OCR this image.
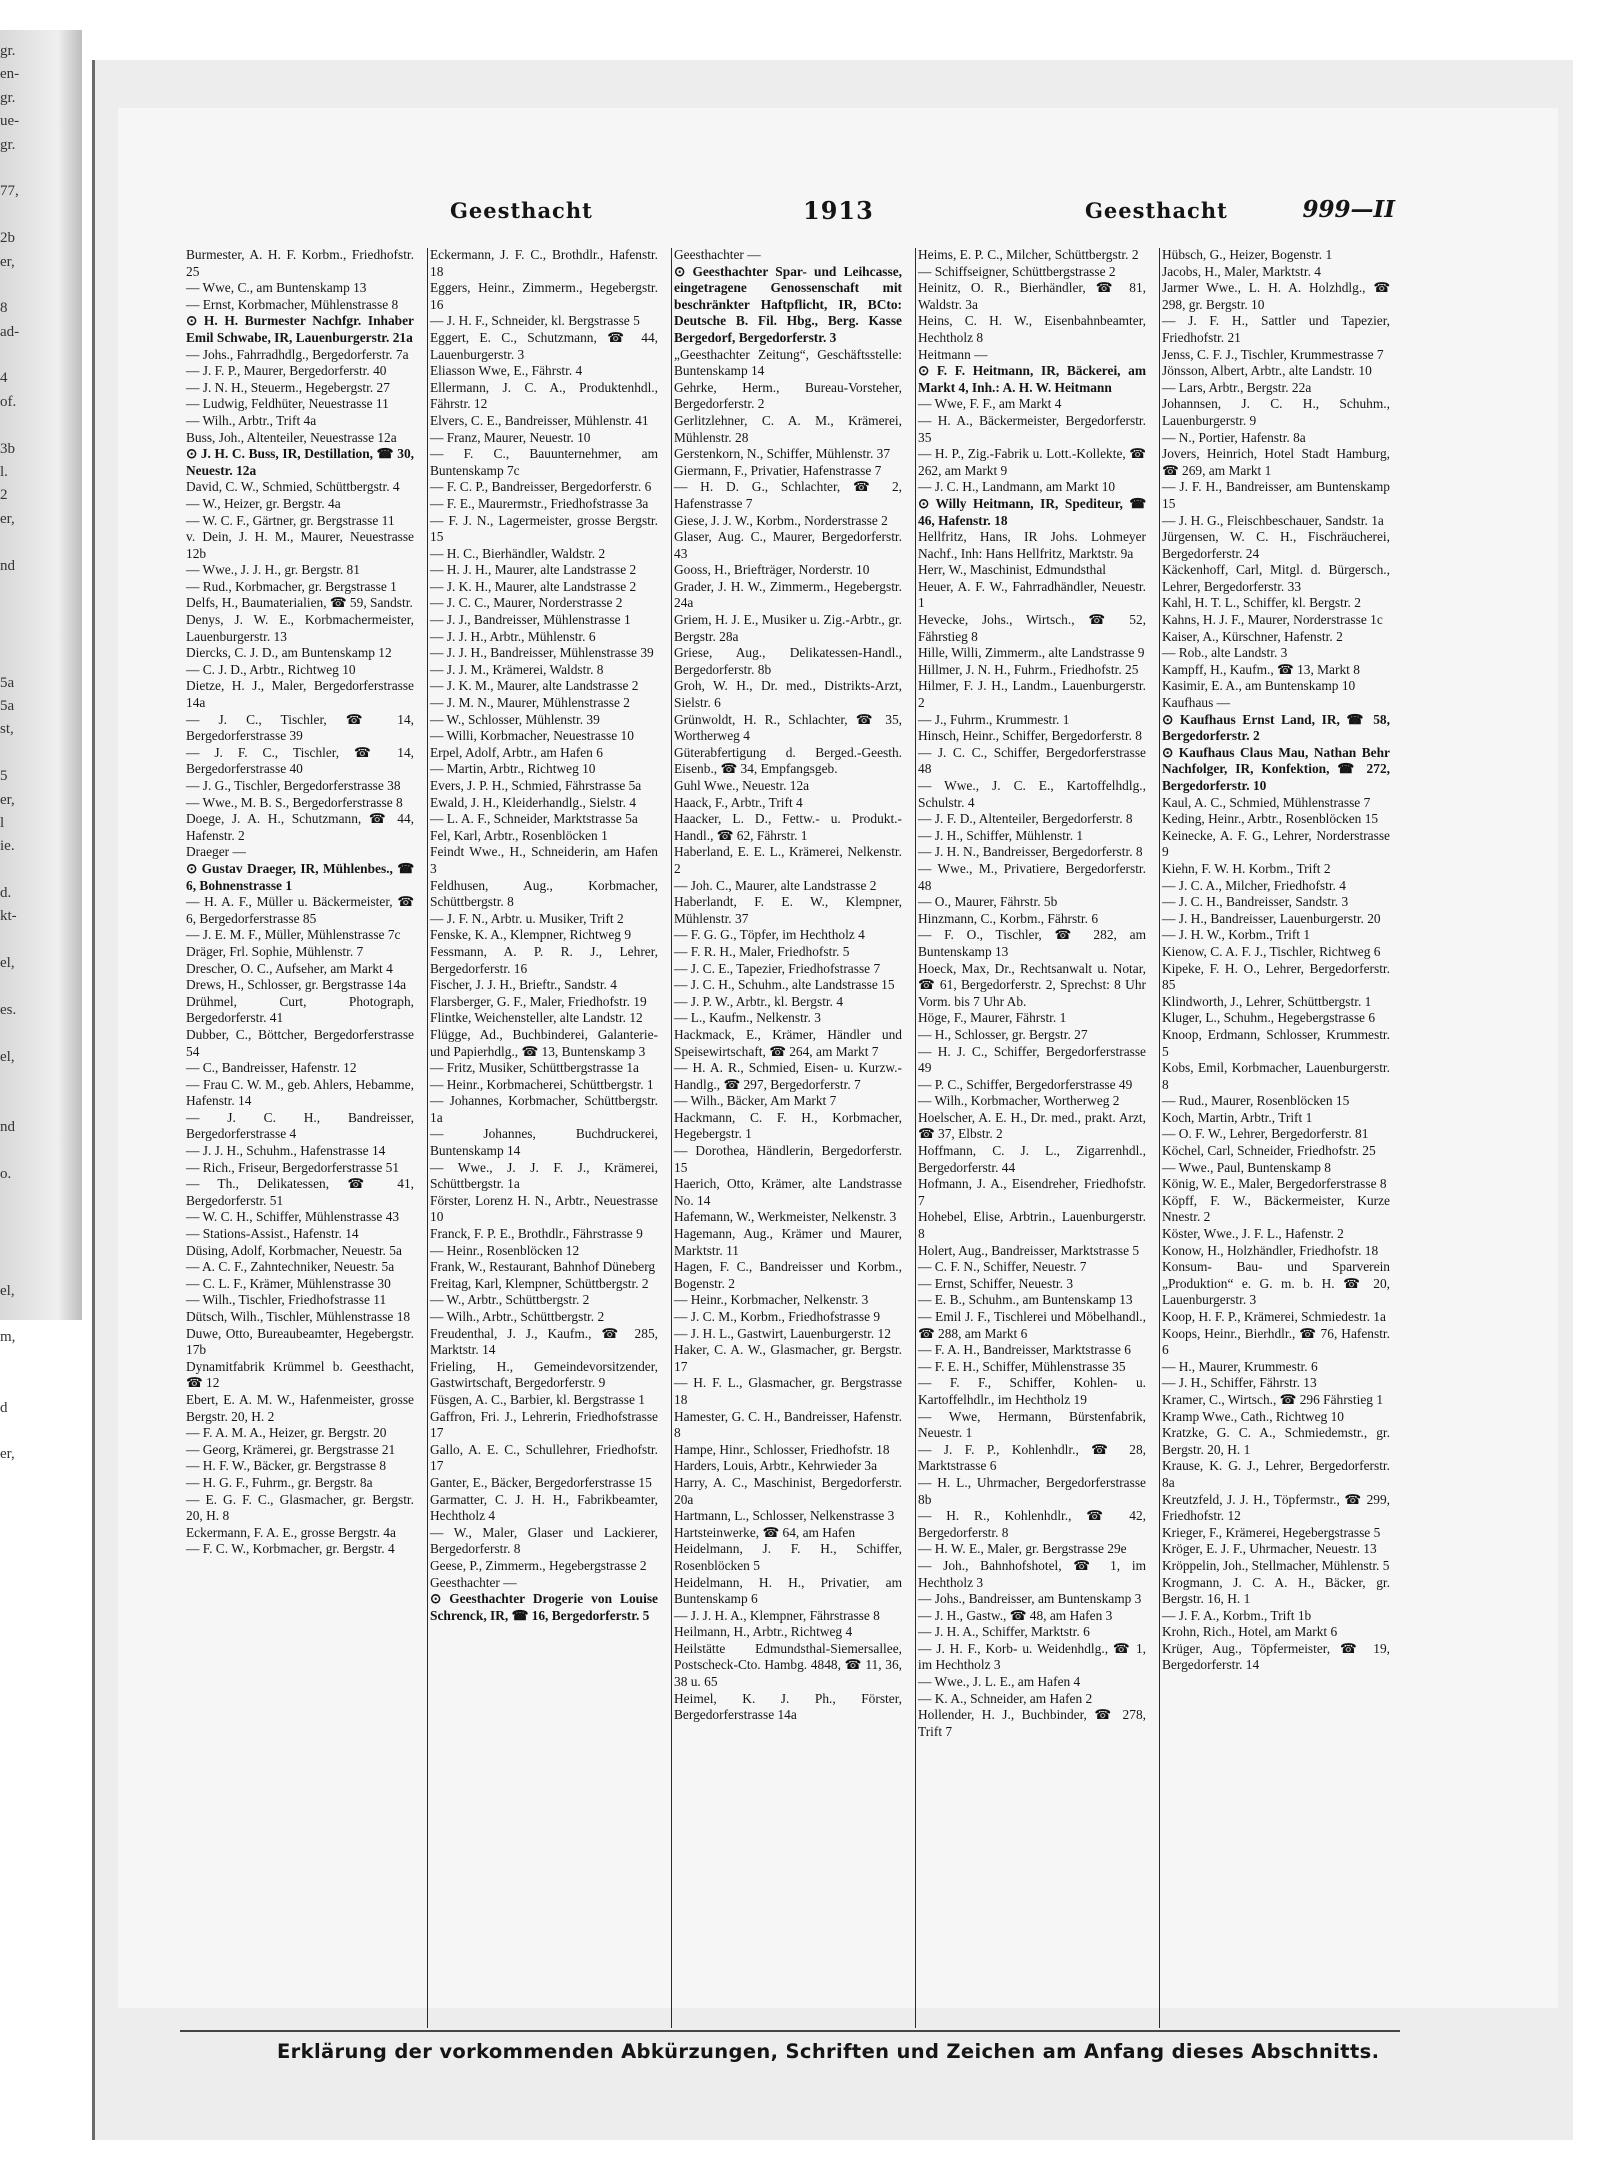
gr.
en-
gr.
ue-
gr.
77,
2b
er,
8
ad-
4
of.
3b
l.
2
er,
nd
5a
5a
st,
5
er,
l
ie.
d.
kt-
el,
es.
el,
nd
o.
el,
m,
d
er,
Geesthacht	1913	Geesthacht	999—II

Burmester, A. H. F. Korbm., Friedhofstr. 25

— Wwe, C., am Buntenskamp 13

— Ernst, Korbmacher, Mühlenstrasse 8

⊙ H. H. Burmester Nachfgr. Inhaber Emil Schwabe, IR, Lauenburgerstr. 21a

— Johs., Fahrradhdlg., Bergedorferstr. 7a

— J. F. P., Maurer, Bergedorferstr. 40

— J. N. H., Steuerm., Hegebergstr. 27

— Ludwig, Feldhüter, Neuestrasse 11

— Wilh., Arbtr., Trift 4a

Buss, Joh., Altenteiler, Neuestrasse 12a

⊙ J. H. C. Buss, IR, Destillation, ☎ 30, Neuestr. 12a

David, C. W., Schmied, Schüttbergstr. 4

— W., Heizer, gr. Bergstr. 4a

— W. C. F., Gärtner, gr. Bergstrasse 11

v. Dein, J. H. M., Maurer, Neuestrasse 12b

— Wwe., J. J. H., gr. Bergstr. 81

— Rud., Korbmacher, gr. Bergstrasse 1

Delfs, H., Baumaterialien, ☎ 59, Sandstr.

Denys, J. W. E., Korbmachermeister, Lauenburgerstr. 13

Diercks, C. J. D., am Buntenskamp 12

— C. J. D., Arbtr., Richtweg 10

Dietze, H. J., Maler, Bergedorferstrasse 14a

— J. C., Tischler, ☎ 14, Bergedorferstrasse 39

— J. F. C., Tischler, ☎ 14, Bergedorferstrasse 40

— J. G., Tischler, Bergedorferstrasse 38

— Wwe., M. B. S., Bergedorferstrasse 8

Doege, J. A. H., Schutzmann, ☎ 44, Hafenstr. 2

Draeger —

⊙ Gustav Draeger, IR, Mühlenbes., ☎ 6, Bohnenstrasse 1

— H. A. F., Müller u. Bäckermeister, ☎ 6, Bergedorferstrasse 85

— J. E. M. F., Müller, Mühlenstrasse 7c

Dräger, Frl. Sophie, Mühlenstr. 7

Drescher, O. C., Aufseher, am Markt 4

Drews, H., Schlosser, gr. Bergstrasse 14a

Drühmel, Curt, Photograph, Bergedorferstr. 41

Dubber, C., Böttcher, Bergedorferstrasse 54

— C., Bandreisser, Hafenstr. 12

— Frau C. W. M., geb. Ahlers, Hebamme, Hafenstr. 14

— J. C. H., Bandreisser, Bergedorferstrasse 4

— J. J. H., Schuhm., Hafenstrasse 14

— Rich., Friseur, Bergedorferstrasse 51

— Th., Delikatessen, ☎ 41, Bergedorferstr. 51

— W. C. H., Schiffer, Mühlenstrasse 43

— Stations-Assist., Hafenstr. 14

Düsing, Adolf, Korbmacher, Neuestr. 5a

— A. C. F., Zahntechniker, Neuestr. 5a

— C. L. F., Krämer, Mühlenstrasse 30

— Wilh., Tischler, Friedhofstrasse 11

Dütsch, Wilh., Tischler, Mühlenstrasse 18

Duwe, Otto, Bureaubeamter, Hegebergstr. 17b

Dynamitfabrik Krümmel b. Geesthacht, ☎ 12

Ebert, E. A. M. W., Hafenmeister, grosse Bergstr. 20, H. 2

— F. A. M. A., Heizer, gr. Bergstr. 20

— Georg, Krämerei, gr. Bergstrasse 21

— H. F. W., Bäcker, gr. Bergstrasse 8

— H. G. F., Fuhrm., gr. Bergstr. 8a

— E. G. F. C., Glasmacher, gr. Bergstr. 20, H. 8

Eckermann, F. A. E., grosse Bergstr. 4a

— F. C. W., Korbmacher, gr. Bergstr. 4

Eckermann, J. F. C., Brothdlr., Hafenstr. 18

Eggers, Heinr., Zimmerm., Hegebergstr. 16

— J. H. F., Schneider, kl. Bergstrasse 5

Eggert, E. C., Schutzmann, ☎ 44, Lauenburgerstr. 3

Eliasson Wwe, E., Fährstr. 4

Ellermann, J. C. A., Produktenhdl., Fährstr. 12

Elvers, C. E., Bandreisser, Mühlenstr. 41

— Franz, Maurer, Neuestr. 10

— F. C., Bauunternehmer, am Buntenskamp 7c

— F. C. P., Bandreisser, Bergedorferstr. 6

— F. E., Maurermstr., Friedhofstrasse 3a

— F. J. N., Lagermeister, grosse Bergstr. 15

— H. C., Bierhändler, Waldstr. 2

— H. J. H., Maurer, alte Landstrasse 2

— J. K. H., Maurer, alte Landstrasse 2

— J. C. C., Maurer, Norderstrasse 2

— J. J., Bandreisser, Mühlenstrasse 1

— J. J. H., Arbtr., Mühlenstr. 6

— J. J. H., Bandreisser, Mühlenstrasse 39

— J. J. M., Krämerei, Waldstr. 8

— J. K. M., Maurer, alte Landstrasse 2

— J. M. N., Maurer, Mühlenstrasse 2

— W., Schlosser, Mühlenstr. 39

— Willi, Korbmacher, Neuestrasse 10

Erpel, Adolf, Arbtr., am Hafen 6

— Martin, Arbtr., Richtweg 10

Evers, J. P. H., Schmied, Fährstrasse 5a

Ewald, J. H., Kleiderhandlg., Sielstr. 4

— L. A. F., Schneider, Marktstrasse 5a

Fel, Karl, Arbtr., Rosenblöcken 1

Feindt Wwe., H., Schneiderin, am Hafen 3

Feldhusen, Aug., Korbmacher, Schüttbergstr. 8

— J. F. N., Arbtr. u. Musiker, Trift 2

Fenske, K. A., Klempner, Richtweg 9

Fessmann, A. P. R. J., Lehrer, Bergedorferstr. 16

Fischer, J. J. H., Brieftr., Sandstr. 4

Flarsberger, G. F., Maler, Friedhofstr. 19

Flintke, Weichensteller, alte Landstr. 12

Flügge, Ad., Buchbinderei, Galanterie- und Papierhdlg., ☎ 13, Buntenskamp 3

— Fritz, Musiker, Schüttbergstrasse 1a

— Heinr., Korbmacherei, Schüttbergstr. 1

— Johannes, Korbmacher, Schüttbergstr. 1a

— Johannes, Buchdruckerei, Buntenskamp 14

— Wwe., J. J. F. J., Krämerei, Schüttbergstr. 1a

Förster, Lorenz H. N., Arbtr., Neuestrasse 10

Franck, F. P. E., Brothdlr., Fährstrasse 9

— Heinr., Rosenblöcken 12

Frank, W., Restaurant, Bahnhof Düneberg

Freitag, Karl, Klempner, Schüttbergstr. 2

— W., Arbtr., Schüttbergstr. 2

— Wilh., Arbtr., Schüttbergstr. 2

Freudenthal, J. J., Kaufm., ☎ 285, Marktstr. 14

Frieling, H., Gemeindevorsitzender, Gastwirtschaft, Bergedorferstr. 9

Füsgen, A. C., Barbier, kl. Bergstrasse 1

Gaffron, Fri. J., Lehrerin, Friedhofstrasse 17

Gallo, A. E. C., Schullehrer, Friedhofstr. 17

Ganter, E., Bäcker, Bergedorferstrasse 15

Garmatter, C. J. H. H., Fabrikbeamter, Hechtholz 4

— W., Maler, Glaser und Lackierer, Bergedorferstr. 8

Geese, P., Zimmerm., Hegebergstrasse 2

Geesthachter —

⊙ Geesthachter Drogerie von Louise Schrenck, IR, ☎ 16, Bergedorferstr. 5

Geesthachter —

⊙ Geesthachter Spar- und Leihcasse, eingetragene Genossenschaft mit beschränkter Haftpflicht, IR, BCto: Deutsche B. Fil. Hbg., Berg. Kasse Bergedorf, Bergedorferstr. 3

„Geesthachter Zeitung“, Geschäftsstelle: Buntenskamp 14

Gehrke, Herm., Bureau-Vorsteher, Bergedorferstr. 2

Gerlitzlehner, C. A. M., Krämerei, Mühlenstr. 28

Gerstenkorn, N., Schiffer, Mühlenstr. 37

Giermann, F., Privatier, Hafenstrasse 7

— H. D. G., Schlachter, ☎ 2, Hafenstrasse 7

Giese, J. J. W., Korbm., Norderstrasse 2

Glaser, Aug. C., Maurer, Bergedorferstr. 43

Gooss, H., Briefträger, Norderstr. 10

Grader, J. H. W., Zimmerm., Hegebergstr. 24a

Griem, H. J. E., Musiker u. Zig.-Arbtr., gr. Bergstr. 28a

Griese, Aug., Delikatessen-Handl., Bergedorferstr. 8b

Groh, W. H., Dr. med., Distrikts-Arzt, Sielstr. 6

Grünwoldt, H. R., Schlachter, ☎ 35, Wortherweg 4

Güterabfertigung d. Berged.-Geesth. Eisenb., ☎ 34, Empfangsgeb.

Guhl Wwe., Neuestr. 12a

Haack, F., Arbtr., Trift 4

Haacker, L. D., Fettw.- u. Produkt.-Handl., ☎ 62, Fährstr. 1

Haberland, E. E. L., Krämerei, Nelkenstr. 2

— Joh. C., Maurer, alte Landstrasse 2

Haberlandt, F. E. W., Klempner, Mühlenstr. 37

— F. G. G., Töpfer, im Hechtholz 4

— F. R. H., Maler, Friedhofstr. 5

— J. C. E., Tapezier, Friedhofstrasse 7

— J. C. H., Schuhm., alte Landstrasse 15

— J. P. W., Arbtr., kl. Bergstr. 4

— L., Kaufm., Nelkenstr. 3

Hackmack, E., Krämer, Händler und Speisewirtschaft, ☎ 264, am Markt 7

— H. A. R., Schmied, Eisen- u. Kurzw.-Handlg., ☎ 297, Bergedorferstr. 7

— Wilh., Bäcker, Am Markt 7

Hackmann, C. F. H., Korbmacher, Hegebergstr. 1

— Dorothea, Händlerin, Bergedorferstr. 15

Haerich, Otto, Krämer, alte Landstrasse No. 14

Hafemann, W., Werkmeister, Nelkenstr. 3

Hagemann, Aug., Krämer und Maurer, Marktstr. 11

Hagen, F. C., Bandreisser und Korbm., Bogenstr. 2

— Heinr., Korbmacher, Nelkenstr. 3

— J. C. M., Korbm., Friedhofstrasse 9

— J. H. L., Gastwirt, Lauenburgerstr. 12

Haker, C. A. W., Glasmacher, gr. Bergstr. 17

— H. F. L., Glasmacher, gr. Bergstrasse 18

Hamester, G. C. H., Bandreisser, Hafenstr. 8

Hampe, Hinr., Schlosser, Friedhofstr. 18

Harders, Louis, Arbtr., Kehrwieder 3a

Harry, A. C., Maschinist, Bergedorferstr. 20a

Hartmann, L., Schlosser, Nelkenstrasse 3

Hartsteinwerke, ☎ 64, am Hafen

Heidelmann, J. F. H., Schiffer, Rosenblöcken 5

Heidelmann, H. H., Privatier, am Buntenskamp 6

— J. J. H. A., Klempner, Fährstrasse 8

Heilmann, H., Arbtr., Richtweg 4

Heilstätte Edmundsthal-Siemersallee, Postscheck-Cto. Hambg. 4848, ☎ 11, 36, 38 u. 65

Heimel, K. J. Ph., Förster, Bergedorferstrasse 14a

Heims, E. P. C., Milcher, Schüttbergstr. 2

— Schiffseigner, Schüttbergstrasse 2

Heinitz, O. R., Bierhändler, ☎ 81, Waldstr. 3a

Heins, C. H. W., Eisenbahnbeamter, Hechtholz 8

Heitmann —

⊙ F. F. Heitmann, IR, Bäckerei, am Markt 4, Inh.: A. H. W. Heitmann

— Wwe, F. F., am Markt 4

— H. A., Bäckermeister, Bergedorferstr. 35

— H. P., Zig.-Fabrik u. Lott.-Kollekte, ☎ 262, am Markt 9

— J. C. H., Landmann, am Markt 10

⊙ Willy Heitmann, IR, Spediteur, ☎ 46, Hafenstr. 18

Hellfritz, Hans, IR Johs. Lohmeyer Nachf., Inh: Hans Hellfritz, Marktstr. 9a

Herr, W., Maschinist, Edmundsthal

Heuer, A. F. W., Fahrradhändler, Neuestr. 1

Hevecke, Johs., Wirtsch., ☎ 52, Fährstieg 8

Hille, Willi, Zimmerm., alte Landstrasse 9

Hillmer, J. N. H., Fuhrm., Friedhofstr. 25

Hilmer, F. J. H., Landm., Lauenburgerstr. 2

— J., Fuhrm., Krummestr. 1

Hinsch, Heinr., Schiffer, Bergedorferstr. 8

— J. C. C., Schiffer, Bergedorferstrasse 48

— Wwe., J. C. E., Kartoffelhdlg., Schulstr. 4

— J. F. D., Altenteiler, Bergedorferstr. 8

— J. H., Schiffer, Mühlenstr. 1

— J. H. N., Bandreisser, Bergedorferstr. 8

— Wwe., M., Privatiere, Bergedorferstr. 48

— O., Maurer, Fährstr. 5b

Hinzmann, C., Korbm., Fährstr. 6

— F. O., Tischler, ☎ 282, am Buntenskamp 13

Hoeck, Max, Dr., Rechtsanwalt u. Notar, ☎ 61, Bergedorferstr. 2, Sprechst: 8 Uhr Vorm. bis 7 Uhr Ab.

Höge, F., Maurer, Fährstr. 1

— H., Schlosser, gr. Bergstr. 27

— H. J. C., Schiffer, Bergedorferstrasse 49

— P. C., Schiffer, Bergedorferstrasse 49

— Wilh., Korbmacher, Wortherweg 2

Hoelscher, A. E. H., Dr. med., prakt. Arzt, ☎ 37, Elbstr. 2

Hoffmann, C. J. L., Zigarrenhdl., Bergedorferstr. 44

Hofmann, J. A., Eisendreher, Friedhofstr. 7

Hohebel, Elise, Arbtrin., Lauenburgerstr. 8

Holert, Aug., Bandreisser, Marktstrasse 5

— C. F. N., Schiffer, Neuestr. 7

— Ernst, Schiffer, Neuestr. 3

— E. B., Schuhm., am Buntenskamp 13

— Emil J. F., Tischlerei und Möbelhandl., ☎ 288, am Markt 6

— F. A. H., Bandreisser, Marktstrasse 6

— F. E. H., Schiffer, Mühlenstrasse 35

— F. F., Schiffer, Kohlen- u. Kartoffelhdlr., im Hechtholz 19

— Wwe, Hermann, Bürstenfabrik, Neuestr. 1

— J. F. P., Kohlenhdlr., ☎ 28, Marktstrasse 6

— H. L., Uhrmacher, Bergedorferstrasse 8b

— H. R., Kohlenhdlr., ☎ 42, Bergedorferstr. 8

— H. W. E., Maler, gr. Bergstrasse 29e

— Joh., Bahnhofshotel, ☎ 1, im Hechtholz 3

— Johs., Bandreisser, am Buntenskamp 3

— J. H., Gastw., ☎ 48, am Hafen 3

— J. H. A., Schiffer, Marktstr. 6

— J. H. F., Korb- u. Weidenhdlg., ☎ 1, im Hechtholz 3

— Wwe., J. L. E., am Hafen 4

— K. A., Schneider, am Hafen 2

Hollender, H. J., Buchbinder, ☎ 278, Trift 7

Hübsch, G., Heizer, Bogenstr. 1

Jacobs, H., Maler, Marktstr. 4

Jarmer Wwe., L. H. A. Holzhdlg., ☎ 298, gr. Bergstr. 10

— J. F. H., Sattler und Tapezier, Friedhofstr. 21

Jenss, C. F. J., Tischler, Krummestrasse 7

Jönsson, Albert, Arbtr., alte Landstr. 10

— Lars, Arbtr., Bergstr. 22a

Johannsen, J. C. H., Schuhm., Lauenburgerstr. 9

— N., Portier, Hafenstr. 8a

Jovers, Heinrich, Hotel Stadt Hamburg, ☎ 269, am Markt 1

— J. F. H., Bandreisser, am Buntenskamp 15

— J. H. G., Fleischbeschauer, Sandstr. 1a

Jürgensen, W. C. H., Fischräucherei, Bergedorferstr. 24

Käckenhoff, Carl, Mitgl. d. Bürgersch., Lehrer, Bergedorferstr. 33

Kahl, H. T. L., Schiffer, kl. Bergstr. 2

Kahns, H. J. F., Maurer, Norderstrasse 1c

Kaiser, A., Kürschner, Hafenstr. 2

— Rob., alte Landstr. 3

Kampff, H., Kaufm., ☎ 13, Markt 8

Kasimir, E. A., am Buntenskamp 10

Kaufhaus —

⊙ Kaufhaus Ernst Land, IR, ☎ 58, Bergedorferstr. 2

⊙ Kaufhaus Claus Mau, Nathan Behr Nachfolger, IR, Konfektion, ☎ 272, Bergedorferstr. 10

Kaul, A. C., Schmied, Mühlenstrasse 7

Keding, Heinr., Arbtr., Rosenblöcken 15

Keinecke, A. F. G., Lehrer, Norderstrasse 9

Kiehn, F. W. H. Korbm., Trift 2

— J. C. A., Milcher, Friedhofstr. 4

— J. C. H., Bandreisser, Sandstr. 3

— J. H., Bandreisser, Lauenburgerstr. 20

— J. H. W., Korbm., Trift 1

Kienow, C. A. F. J., Tischler, Richtweg 6

Kipeke, F. H. O., Lehrer, Bergedorferstr. 85

Klindworth, J., Lehrer, Schüttbergstr. 1

Kluger, L., Schuhm., Hegebergstrasse 6

Knoop, Erdmann, Schlosser, Krummestr. 5

Kobs, Emil, Korbmacher, Lauenburgerstr. 8

— Rud., Maurer, Rosenblöcken 15

Koch, Martin, Arbtr., Trift 1

— O. F. W., Lehrer, Bergedorferstr. 81

Köchel, Carl, Schneider, Friedhofstr. 25

— Wwe., Paul, Buntenskamp 8

König, W. E., Maler, Bergedorferstrasse 8

Köpff, F. W., Bäckermeister, Kurze Nnestr. 2

Köster, Wwe., J. F. L., Hafenstr. 2

Konow, H., Holzhändler, Friedhofstr. 18

Konsum- Bau- und Sparverein „Produktion“ e. G. m. b. H. ☎ 20, Lauenburgerstr. 3

Koop, H. F. P., Krämerei, Schmiedestr. 1a

Koops, Heinr., Bierhdlr., ☎ 76, Hafenstr. 6

— H., Maurer, Krummestr. 6

— J. H., Schiffer, Fährstr. 13

Kramer, C., Wirtsch., ☎ 296 Fährstieg 1

Kramp Wwe., Cath., Richtweg 10

Kratzke, G. C. A., Schmiedemstr., gr. Bergstr. 20, H. 1

Krause, K. G. J., Lehrer, Bergedorferstr. 8a

Kreutzfeld, J. J. H., Töpfermstr., ☎ 299, Friedhofstr. 12

Krieger, F., Krämerei, Hegebergstrasse 5

Kröger, E. J. F., Uhrmacher, Neuestr. 13

Kröppelin, Joh., Stellmacher, Mühlenstr. 5

Krogmann, J. C. A. H., Bäcker, gr. Bergstr. 16, H. 1

— J. F. A., Korbm., Trift 1b

Krohn, Rich., Hotel, am Markt 6

Krüger, Aug., Töpfermeister, ☎ 19, Bergedorferstr. 14

Erklärung der vorkommenden Abkürzungen, Schriften und Zeichen am Anfang dieses Abschnitts.
